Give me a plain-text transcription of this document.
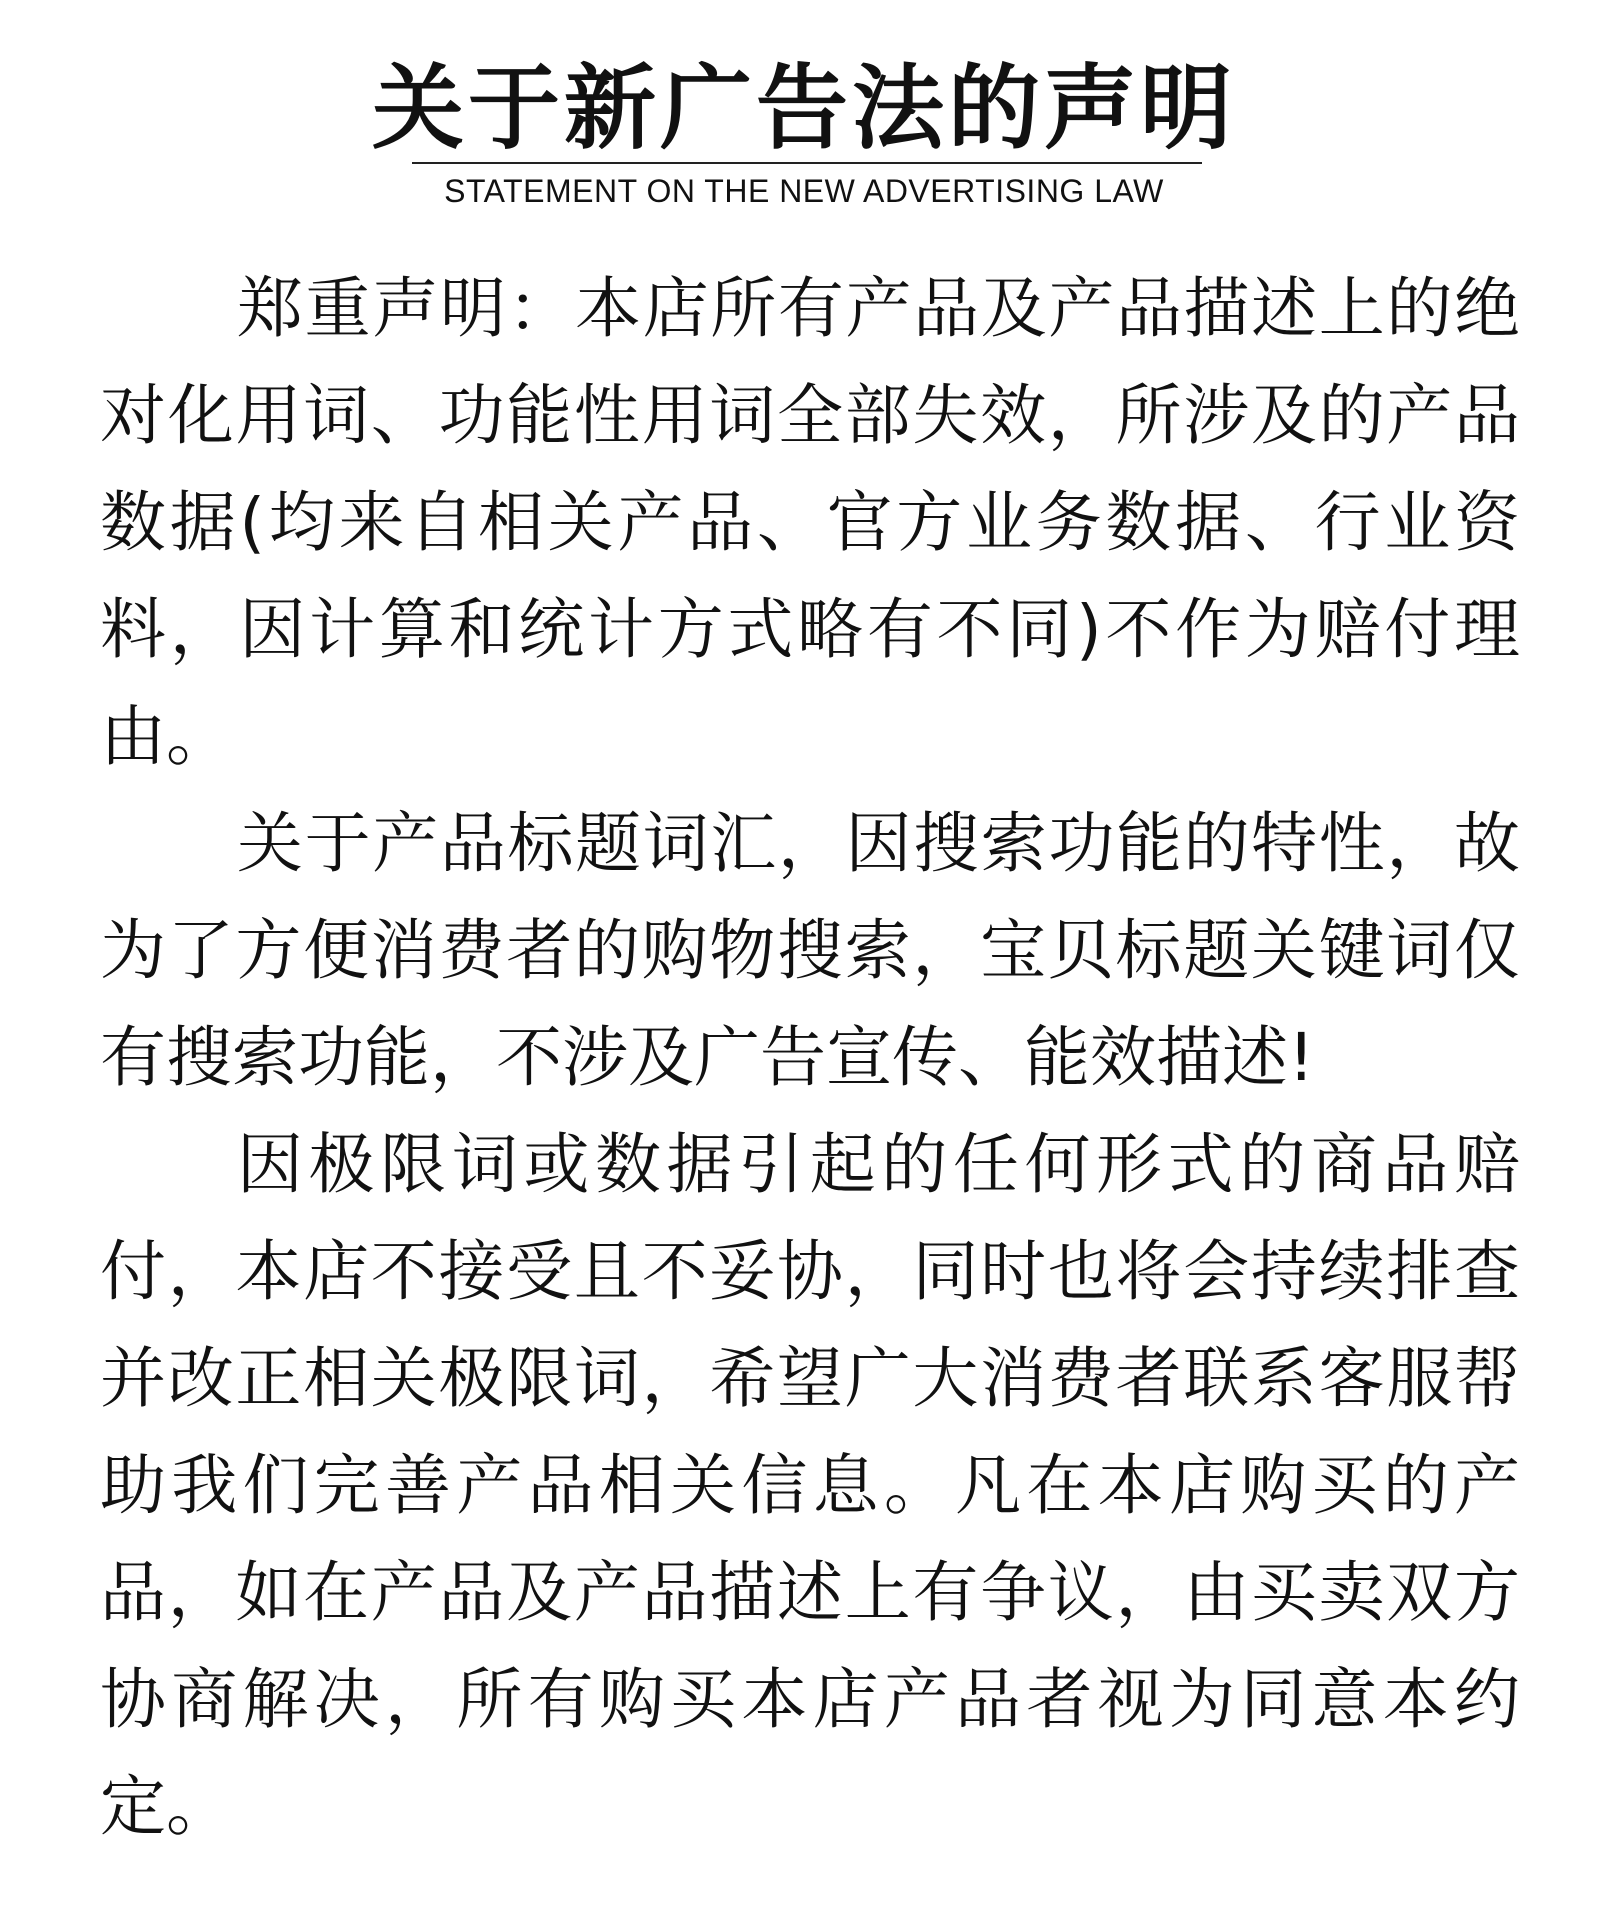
关于新广告法的声明
STATEMENT ON THE NEW ADVERTISING LAW

郑重声明：本店所有产品及产品描述上的绝对化用词、功能性用词全部失效，所涉及的产品数据(均来自相关产品、官方业务数据、行业资料，因计算和统计方式略有不同)不作为赔付理由。

关于产品标题词汇，因搜索功能的特性，故为了方便消费者的购物搜索，宝贝标题关键词仅有搜索功能，不涉及广告宣传、能效描述!

因极限词或数据引起的任何形式的商品赔付，本店不接受且不妥协，同时也将会持续排查并改正相关极限词，希望广大消费者联系客服帮助我们完善产品相关信息。凡在本店购买的产品，如在产品及产品描述上有争议，由买卖双方协商解决，所有购买本店产品者视为同意本约定。
